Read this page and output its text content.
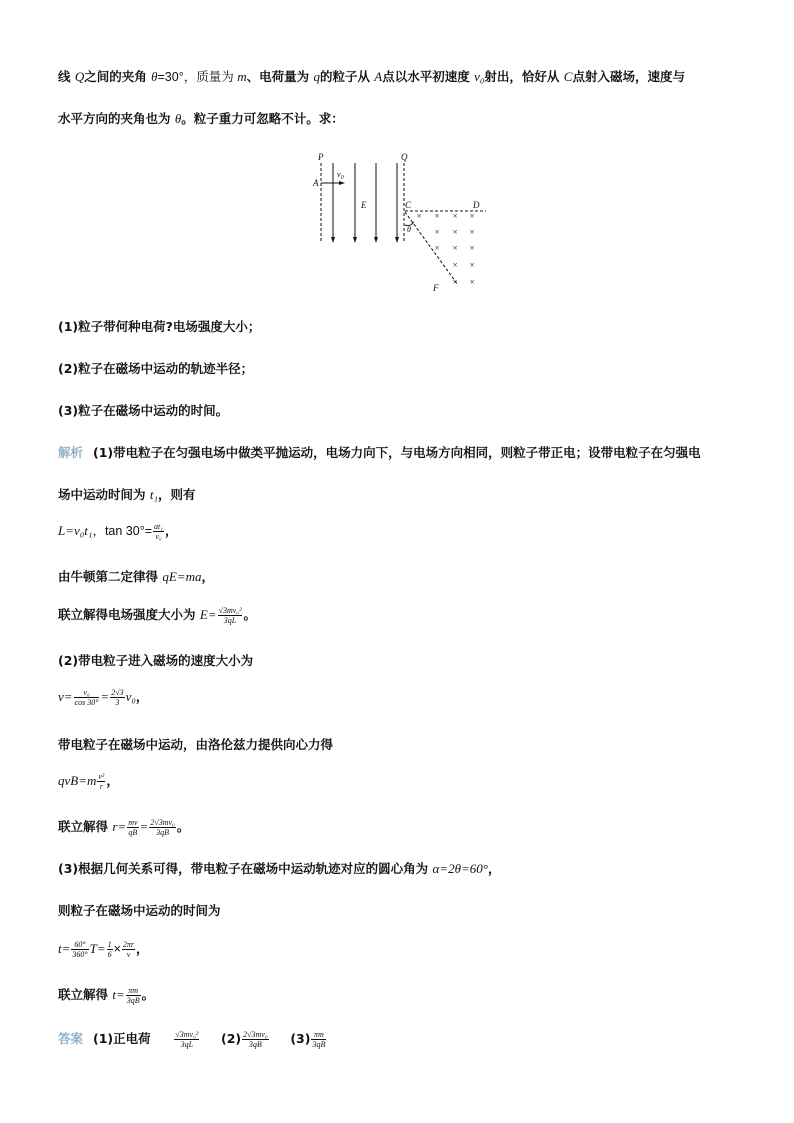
线 Q之间的夹角 θ=30°，质量为 m、电荷量为 q的粒子从 A点以水平初速度 v₀射出，恰好从 C点射入磁场，速度与
水平方向的夹角也为 θ。粒子重力可忽略不计。求：
P	Q
A
$v_0$
E	C	D
θ
F
× × × ×
× × ×
× × ×
× ×
× ×
(1)粒子带何种电荷?电场强度大小；
(2)粒子在磁场中运动的轨迹半径；
(3)粒子在磁场中运动的时间。
解析 (1)带电粒子在匀强电场中做类平抛运动，电场力向下，与电场方向相同，则粒子带正电；设带电粒子在匀强电
场中运动时间为 t₁，则有
L=v₀t₁，$\tan 30^\circ= \frac{\text{at₁}}{\text{v₀}}$ ，
由牛顿第二定律得 qE=ma，
联立解得电场强度大小为 $E= \frac{\text{√3mv₀²}}{3qL}$ 。
(2)带电粒子进入磁场的速度大小为
$v= \frac{\text{v₀}}{\cos 30^\circ} = \frac{2√3}{3} v_0$，
带电粒子在磁场中运动，由洛伦兹力提供向心力得
$qvB=m \frac{\text{v²}}{r}$ ，
联立解得 $r= \frac{mv}{qB} = \frac{\text{2√3mv₀}}{3qB}$ 。
(3)根据几何关系可得，带电粒子在磁场中运动轨迹对应的圆心角为 α=2θ=60°，
则粒子在磁场中运动的时间为
$t= \frac{60^\circ}{360^\circ} T= \frac{1}{6} \times \frac{2\pi r}{v}$ ，
联立解得 $t= \frac{\pi m}{3qB}$ 。
答案 (1)正电荷	$\frac{\text{√3mv₀²}}{3qL} (2) \frac{\text{2√3mv₀}}{3qB} (3) \frac{\pi m}{3qB}$
